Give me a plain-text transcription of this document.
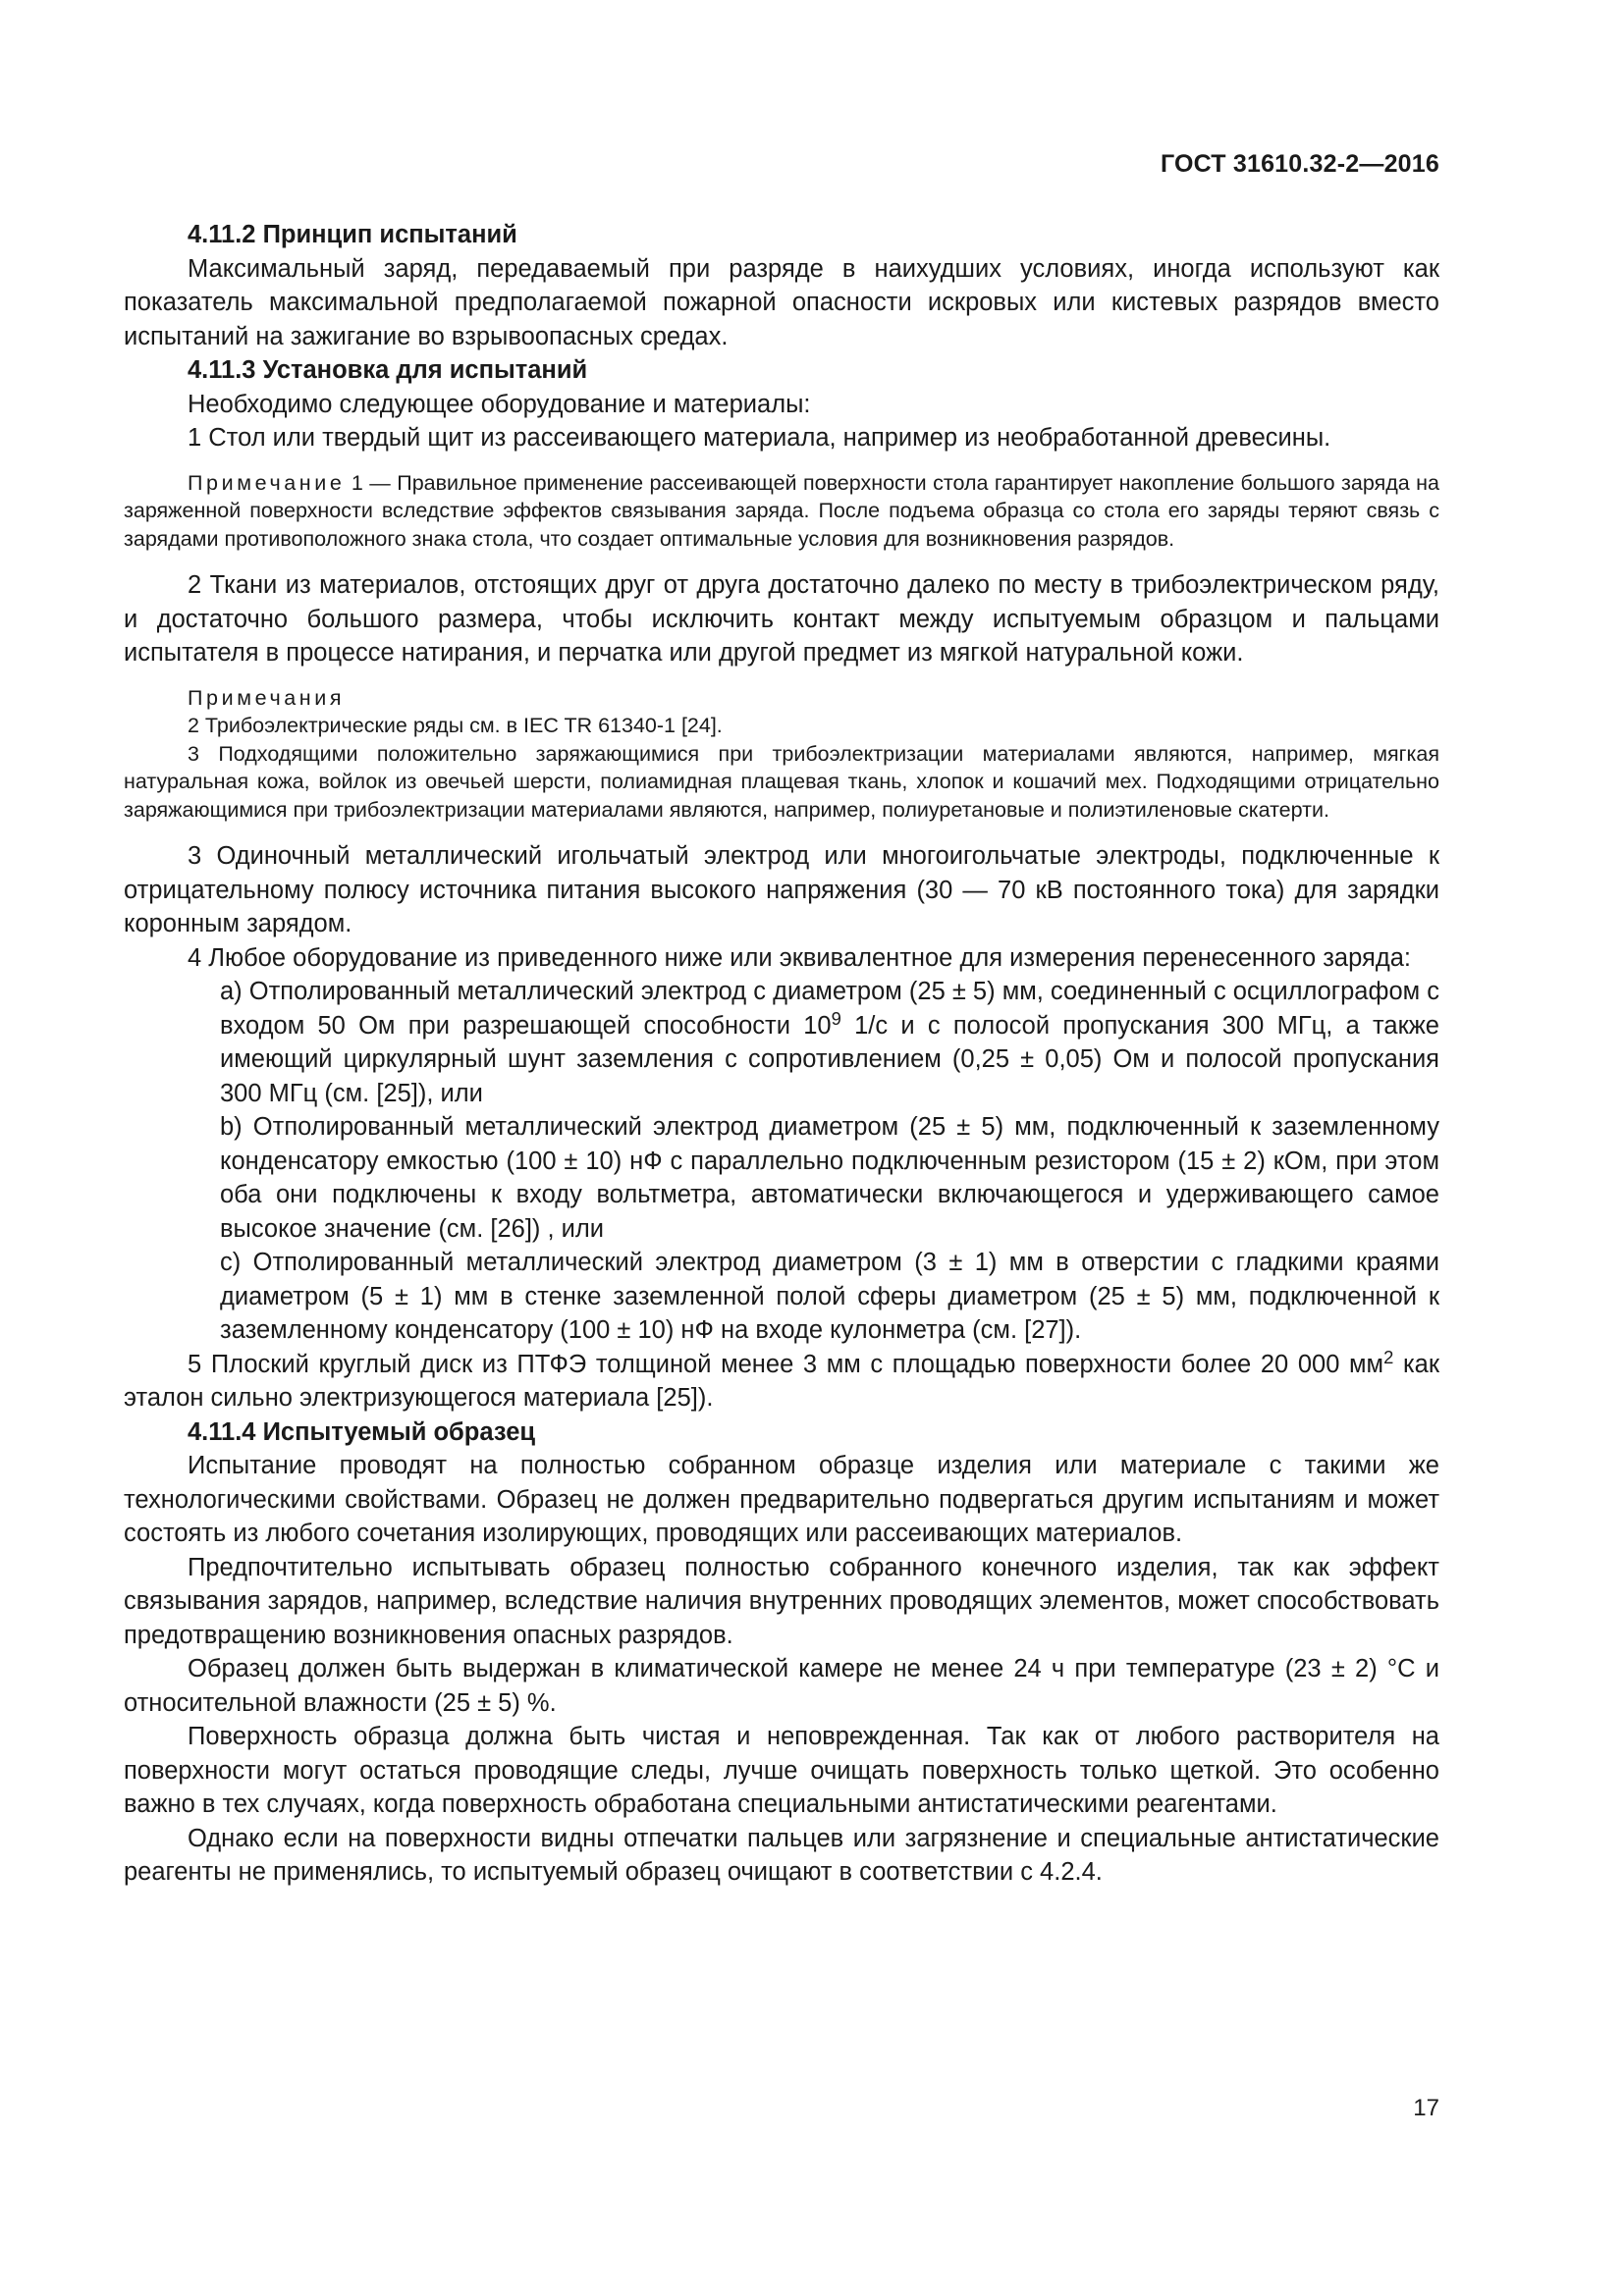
ГОСТ 31610.32-2—2016

4.11.2 Принцип испытаний

Максимальный заряд, передаваемый при разряде в наихудших условиях, иногда используют как показатель максимальной предполагаемой пожарной опасности искровых или кистевых разрядов вместо испытаний на зажигание во взрывоопасных средах.

4.11.3 Установка для испытаний

Необходимо следующее оборудование и материалы:

1 Стол или твердый щит из рассеивающего материала, например из необработанной древесины.

Примечание 1 — Правильное применение рассеивающей поверхности стола гарантирует накопление большого заряда на заряженной поверхности вследствие эффектов связывания заряда. После подъема образца со стола его заряды теряют связь с зарядами противоположного знака стола, что создает оптимальные условия для возникновения разрядов.

2 Ткани из материалов, отстоящих друг от друга достаточно далеко по месту в трибоэлектрическом ряду, и достаточно большого размера, чтобы исключить контакт между испытуемым образцом и пальцами испытателя в процессе натирания, и перчатка или другой предмет из мягкой натуральной кожи.

Примечания

2 Трибоэлектрические ряды см. в IEC TR 61340-1 [24].

3 Подходящими положительно заряжающимися при трибоэлектризации материалами являются, например, мягкая натуральная кожа, войлок из овечьей шерсти, полиамидная плащевая ткань, хлопок и кошачий мех. Подходящими отрицательно заряжающимися при трибоэлектризации материалами являются, например, полиуретановые и полиэтиленовые скатерти.

3 Одиночный металлический игольчатый электрод или многоигольчатые электроды, подключенные к отрицательному полюсу источника питания высокого напряжения (30 — 70 кВ постоянного тока) для зарядки коронным зарядом.

4 Любое оборудование из приведенного ниже или эквивалентное для измерения перенесенного заряда:

a) Отполированный металлический электрод с диаметром (25 ± 5) мм, соединенный с осциллографом с входом 50 Ом при разрешающей способности $10^9$ 1/с и с полосой пропускания 300 МГц, а также имеющий циркулярный шунт заземления с сопротивлением (0,25 ± 0,05) Ом и полосой пропускания 300 МГц (см. [25]), или

b) Отполированный металлический электрод диаметром (25 ± 5) мм, подключенный к заземленному конденсатору емкостью (100 ± 10) нФ с параллельно подключенным резистором (15 ± 2) кОм, при этом оба они подключены к входу вольтметра, автоматически включающегося и удерживающего самое высокое значение (см. [26]) , или

c) Отполированный металлический электрод диаметром (3 ± 1) мм в отверстии с гладкими краями диаметром (5 ± 1) мм в стенке заземленной полой сферы диаметром (25 ± 5) мм, подключенной к заземленному конденсатору (100 ± 10) нФ на входе кулонметра (см. [27]).

5 Плоский круглый диск из ПТФЭ толщиной менее 3 мм с площадью поверхности более 20 000 $мм^2$ как эталон сильно электризующегося материала [25]).

4.11.4 Испытуемый образец

Испытание проводят на полностью собранном образце изделия или материале с такими же технологическими свойствами. Образец не должен предварительно подвергаться другим испытаниям и может состоять из любого сочетания изолирующих, проводящих или рассеивающих материалов.

Предпочтительно испытывать образец полностью собранного конечного изделия, так как эффект связывания зарядов, например, вследствие наличия внутренних проводящих элементов, может способствовать предотвращению возникновения опасных разрядов.

Образец должен быть выдержан в климатической камере не менее 24 ч при температуре (23 ± 2) °C и относительной влажности (25 ± 5) %.

Поверхность образца должна быть чистая и неповрежденная. Так как от любого растворителя на поверхности могут остаться проводящие следы, лучше очищать поверхность только щеткой. Это особенно важно в тех случаях, когда поверхность обработана специальными антистатическими реагентами.

Однако если на поверхности видны отпечатки пальцев или загрязнение и специальные антистатические реагенты не применялись, то испытуемый образец очищают в соответствии с 4.2.4.

17
